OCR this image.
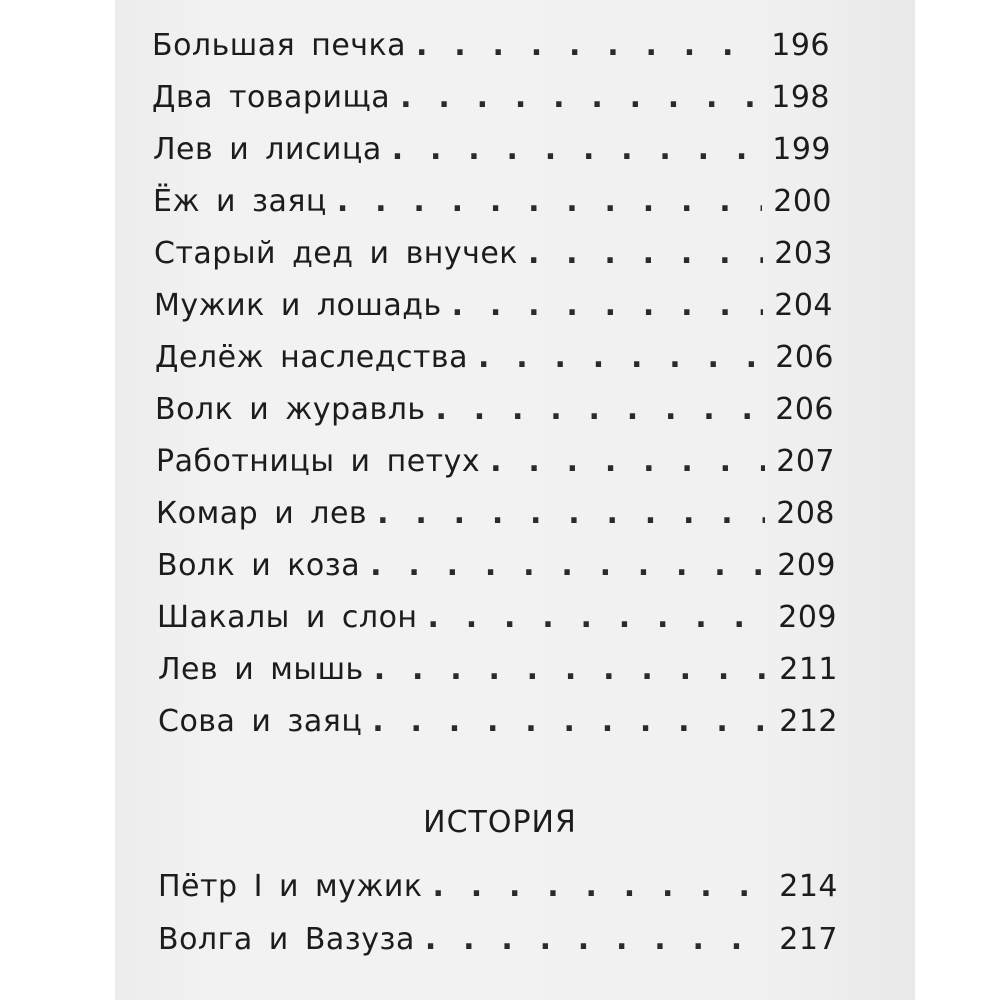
Большая печка . . .	196
Два товарища . . .	198
Лев и лисица . . .	199
Ёж и заяц . . .	200
Старый дед и внучек . . .	203
Мужик и лошадь . . .	204
Делёж наследства . . .	206
Волк и журавль . . .	206
Работницы и петух . . .	207
Комар и лев . . .	208
Волк и коза . . .	209
Шакалы и слон . . .	209
Лев и мышь . . .	211
Сова и заяц . . .	212
ИСТОРИЯ
Пётр I и мужик . . .	214
Волга и Вазуза . . .	217
